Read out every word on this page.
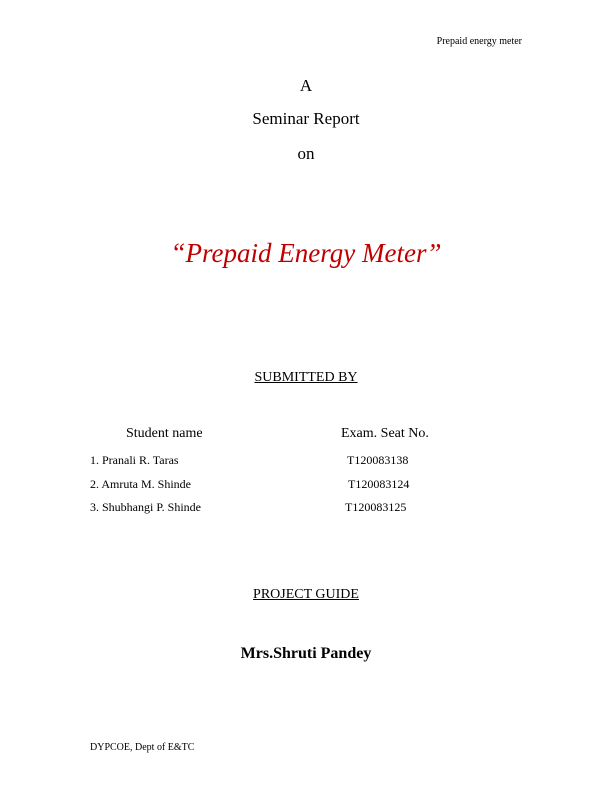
Prepaid energy meter
A
Seminar Report
on
“Prepaid Energy Meter”
SUBMITTED BY
Student name	Exam. Seat No.
1. Pranali R. Taras	T120083138
2. Amruta M. Shinde	T120083124
3. Shubhangi P. Shinde	T120083125
PROJECT GUIDE
Mrs.Shruti Pandey
DYPCOE, Dept of E&TC
